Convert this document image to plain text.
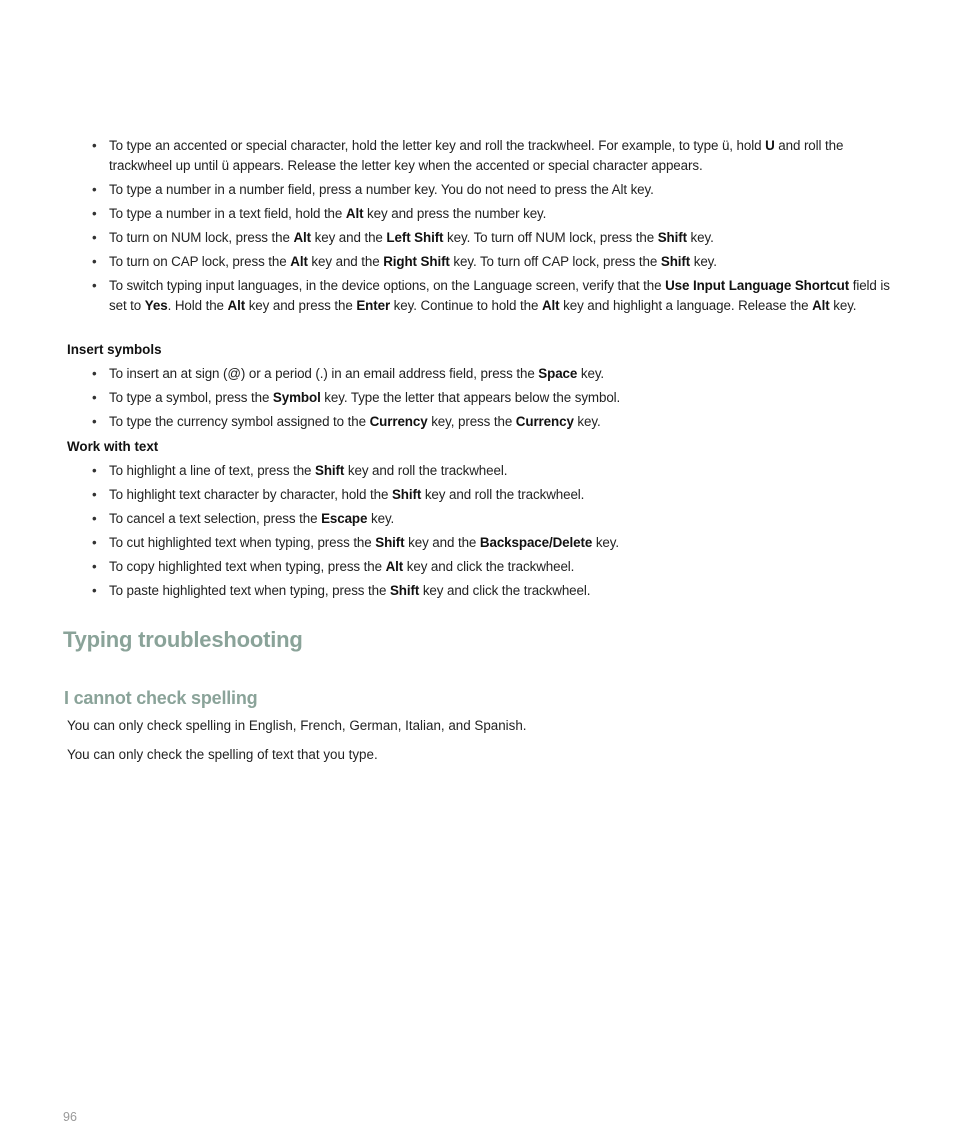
• To type an accented or special character, hold the letter key and roll the trackwheel. For example, to type ü, hold U and roll the trackwheel up until ü appears. Release the letter key when the accented or special character appears.
• To type a number in a number field, press a number key. You do not need to press the Alt key.
• To type a number in a text field, hold the Alt key and press the number key.
• To turn on NUM lock, press the Alt key and the Left Shift key. To turn off NUM lock, press the Shift key.
• To turn on CAP lock, press the Alt key and the Right Shift key. To turn off CAP lock, press the Shift key.
• To switch typing input languages, in the device options, on the Language screen, verify that the Use Input Language Shortcut field is set to Yes. Hold the Alt key and press the Enter key. Continue to hold the Alt key and highlight a language. Release the Alt key.
Insert symbols
• To insert an at sign (@) or a period (.) in an email address field, press the Space key.
• To type a symbol, press the Symbol key. Type the letter that appears below the symbol.
• To type the currency symbol assigned to the Currency key, press the Currency key.
Work with text
• To highlight a line of text, press the Shift key and roll the trackwheel.
• To highlight text character by character, hold the Shift key and roll the trackwheel.
• To cancel a text selection, press the Escape key.
• To cut highlighted text when typing, press the Shift key and the Backspace/Delete key.
• To copy highlighted text when typing, press the Alt key and click the trackwheel.
• To paste highlighted text when typing, press the Shift key and click the trackwheel.
Typing troubleshooting
I cannot check spelling

You can only check spelling in English, French, German, Italian, and Spanish.

You can only check the spelling of text that you type.

96
